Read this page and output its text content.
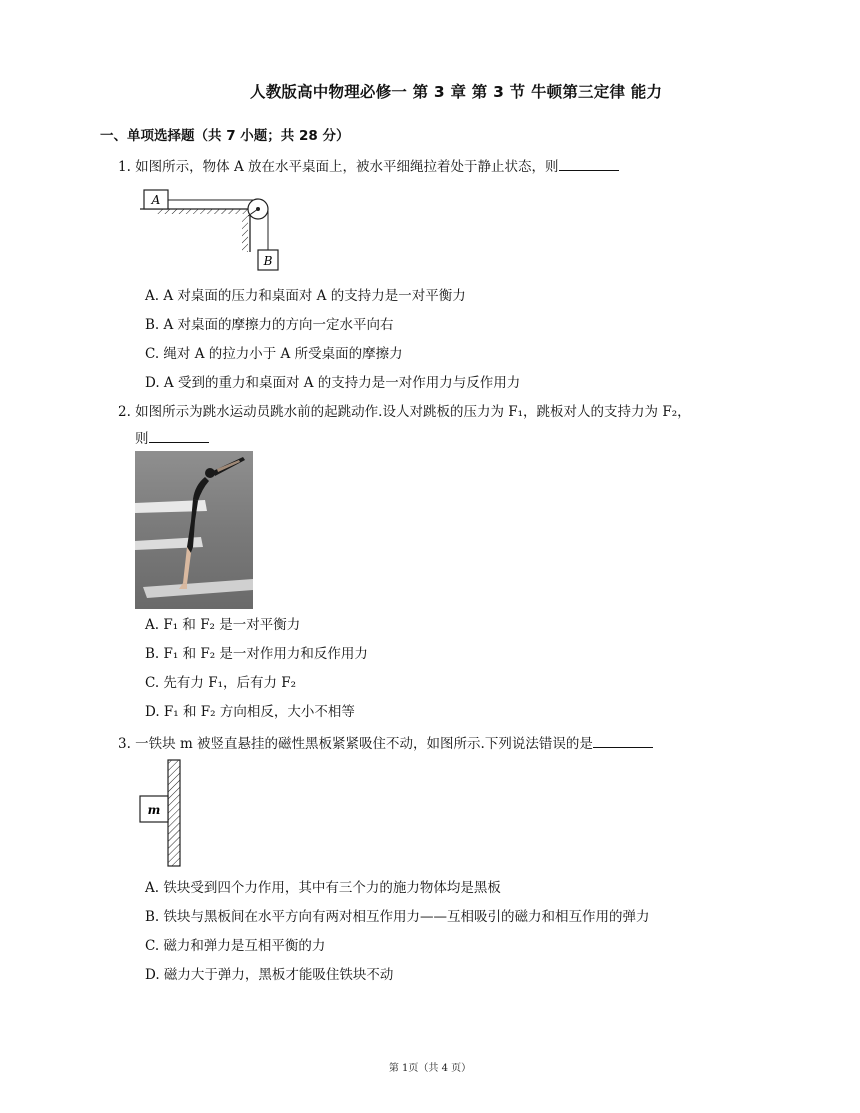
人教版高中物理必修一 第 3 章 第 3 节 牛顿第三定律 能力
一、单项选择题（共 7 小题；共 28 分）
1. 如图所示，物体 A 放在水平桌面上，被水平细绳拉着处于静止状态，则
A
B
A. A 对桌面的压力和桌面对 A 的支持力是一对平衡力
B. A 对桌面的摩擦力的方向一定水平向右
C. 绳对 A 的拉力小于 A 所受桌面的摩擦力
D. A 受到的重力和桌面对 A 的支持力是一对作用力与反作用力
2. 如图所示为跳水运动员跳水前的起跳动作.设人对跳板的压力为 F₁，跳板对人的支持力为 F₂，
则
A. F₁ 和 F₂ 是一对平衡力
B. F₁ 和 F₂ 是一对作用力和反作用力
C. 先有力 F₁，后有力 F₂
D. F₁ 和 F₂ 方向相反，大小不相等
3. 一铁块 m 被竖直悬挂的磁性黑板紧紧吸住不动，如图所示.下列说法错误的是
m
A. 铁块受到四个力作用，其中有三个力的施力物体均是黑板
B. 铁块与黑板间在水平方向有两对相互作用力——互相吸引的磁力和相互作用的弹力
C. 磁力和弹力是互相平衡的力
D. 磁力大于弹力，黑板才能吸住铁块不动
第 1页（共 4 页）
